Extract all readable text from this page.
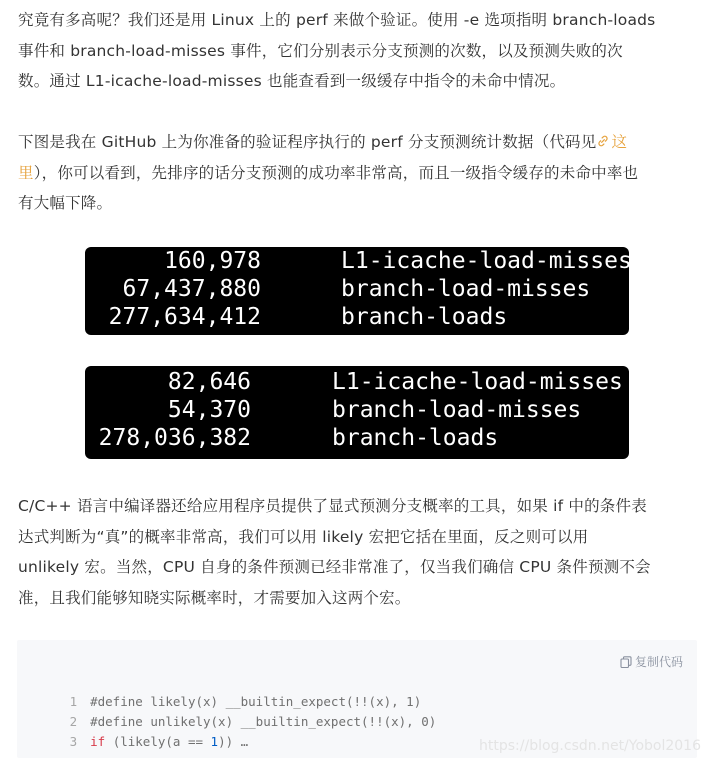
究竟有多高呢？我们还是用 Linux 上的 perf 来做个验证。使用 -e 选项指明 branch-loads
事件和 branch-load-misses 事件，它们分别表示分支预测的次数，以及预测失败的次
数。通过 L1-icache-load-misses 也能查看到一级缓存中指令的未命中情况。
下图是我在 GitHub 上为你准备的验证程序执行的 perf 分支预测统计数据（代码见 这
里），你可以看到，先排序的话分支预测的成功率非常高，而且一级指令缓存的未命中率也
有大幅下降。
160,978	L1-icache-load-misses
67,437,880	branch-load-misses
277,634,412	branch-loads
82,646	L1-icache-load-misses
54,370	branch-load-misses
278,036,382	branch-loads
C/C++ 语言中编译器还给应用程序员提供了显式预测分支概率的工具，如果 if 中的条件表
达式判断为“真”的概率非常高，我们可以用 likely 宏把它括在里面，反之则可以用
unlikely 宏。当然，CPU 自身的条件预测已经非常准了，仅当我们确信 CPU 条件预测不会
准，且我们能够知晓实际概率时，才需要加入这两个宏。
复制代码

1 #define likely(x) __builtin_expect(!!(x), 1)

2 #define unlikely(x) __builtin_expect(!!(x), 0)

3 if (likely(a == 1)) …
	https://blog.csdn.net/Yobol2016
